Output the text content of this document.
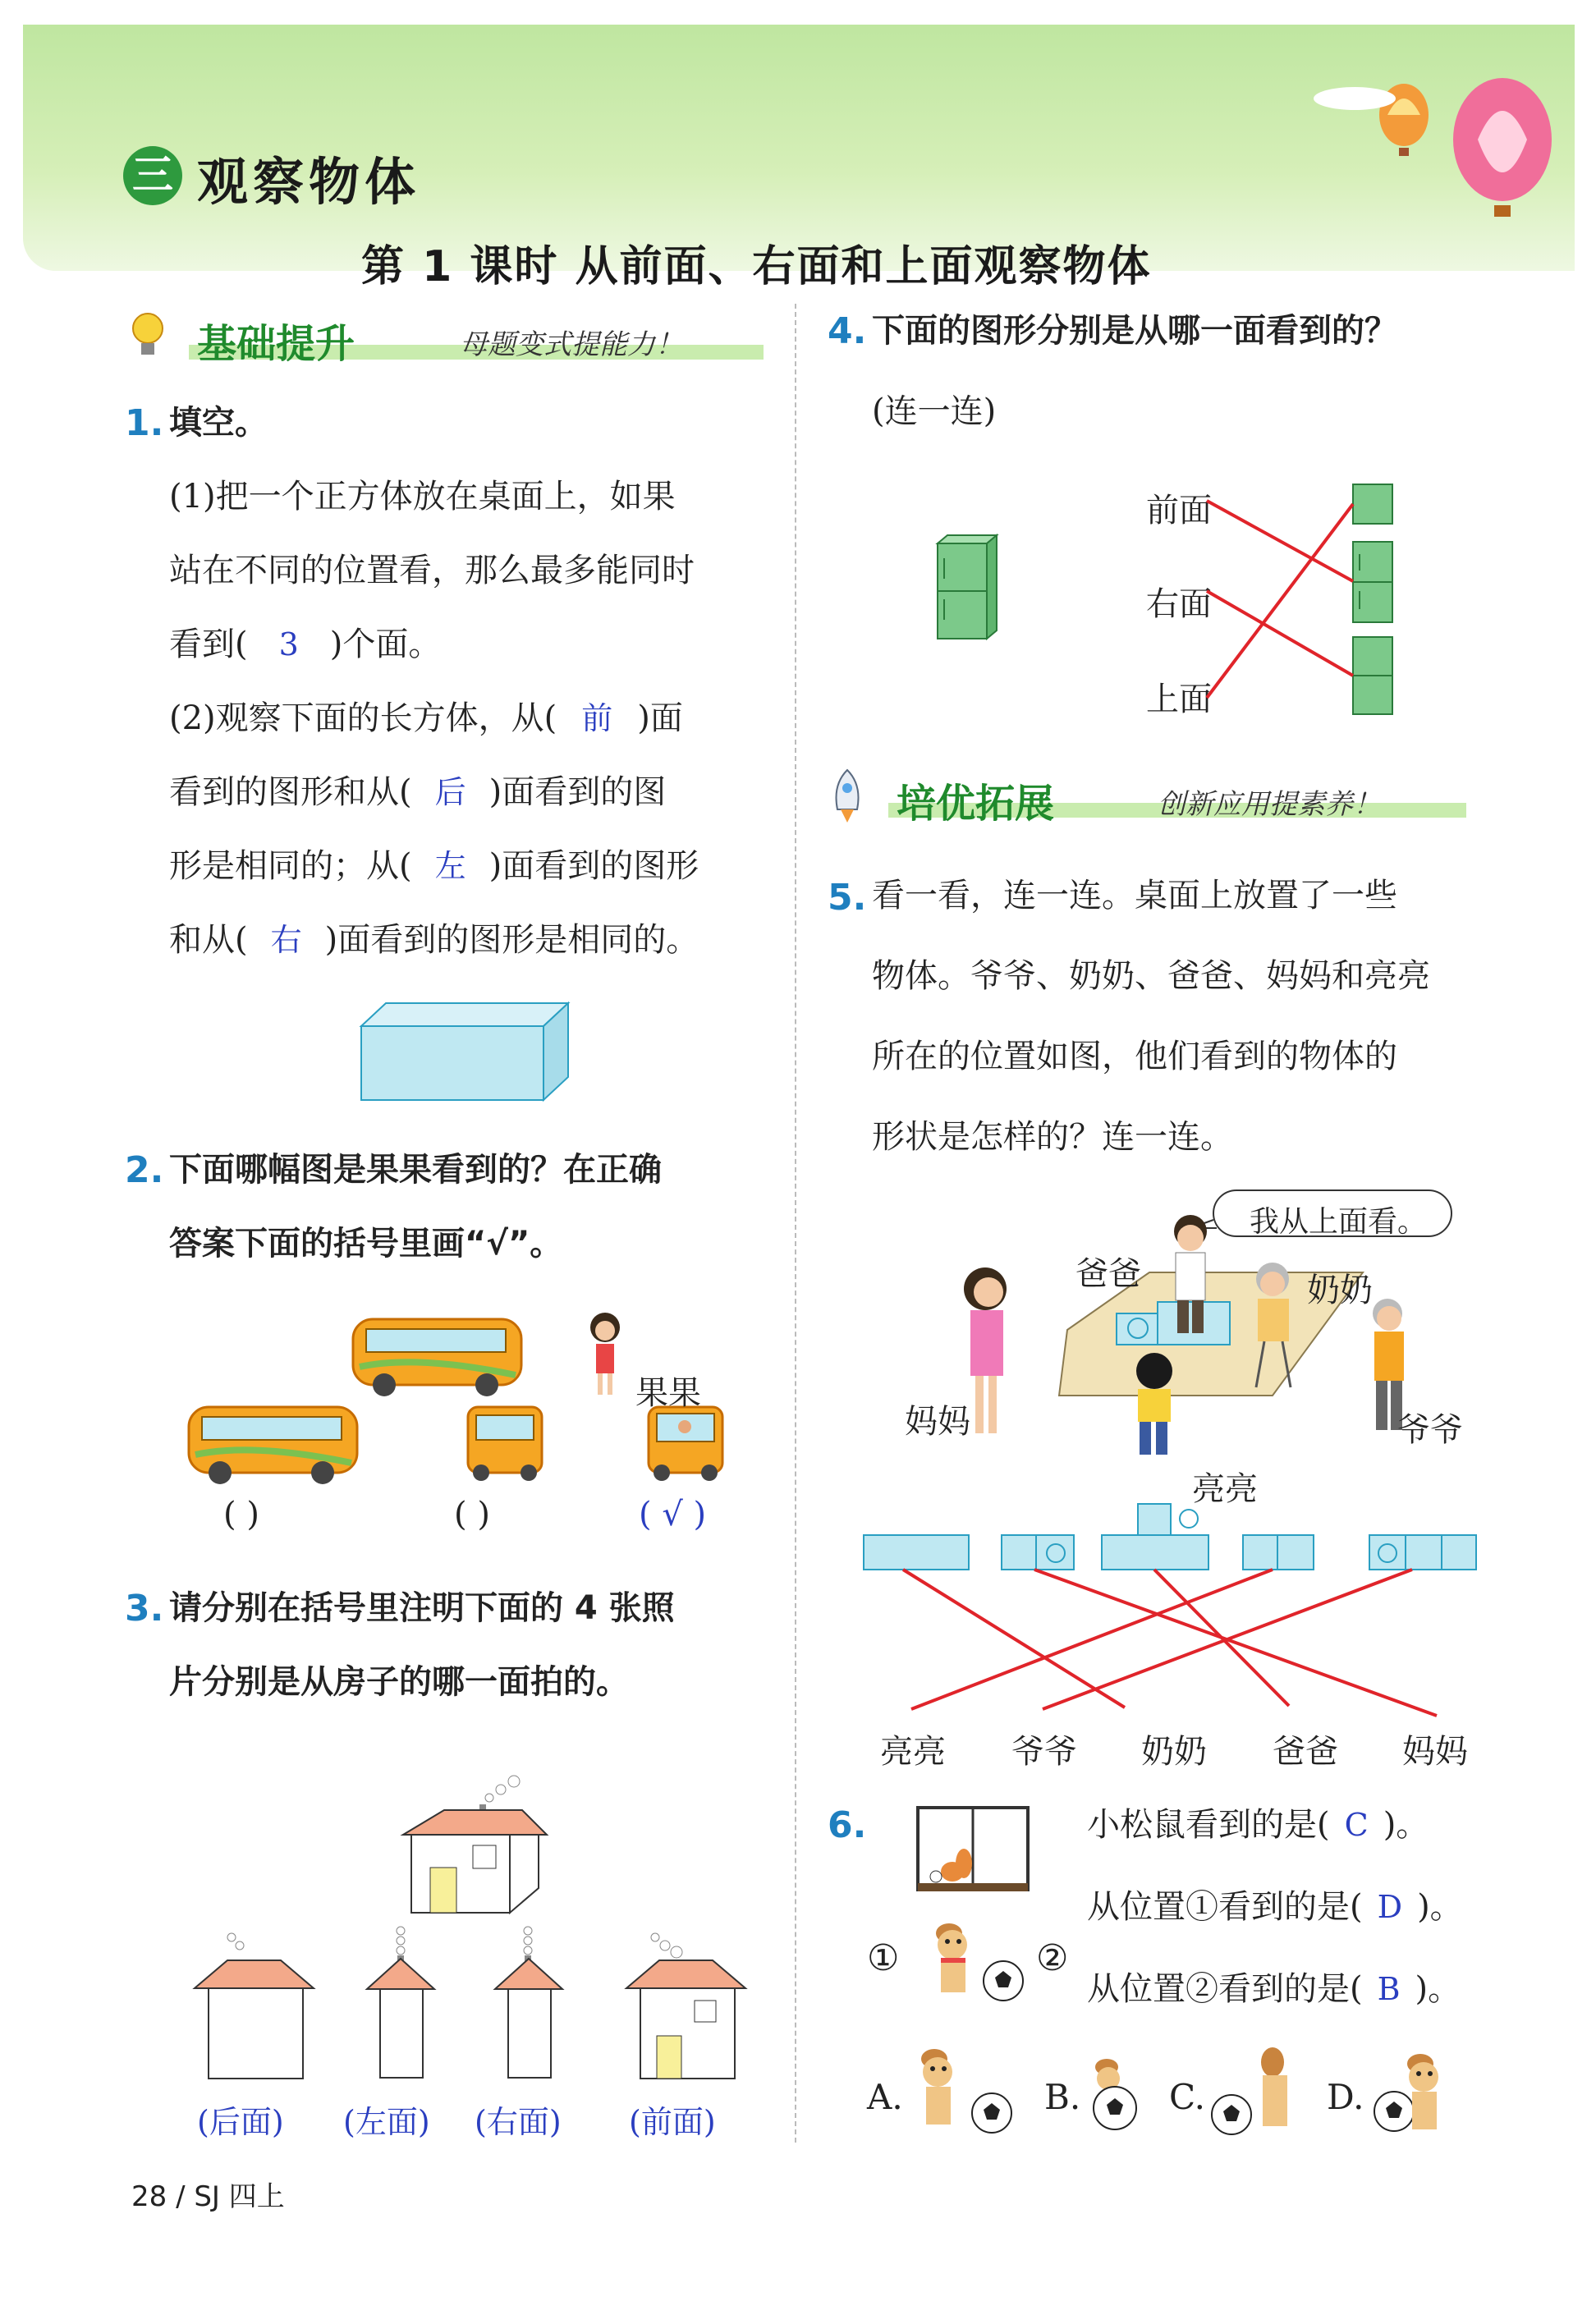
三 观察物体
第 1 课时 从前面、右面和上面观察物体
基础提升	母题变式提能力！
1. 填空。
(1)把一个正方体放在桌面上，如果
站在不同的位置看，那么最多能同时
看到( 3 )个面。
(2)观察下面的长方体，从( 前 )面
看到的图形和从( 后 )面看到的图
形是相同的；从( 左 )面看到的图形
和从( 右 )面看到的图形是相同的。
2. 下面哪幅图是果果看到的？在正确
答案下面的括号里画“√”。
果果
( )	( )	( √ )
3. 请分别在括号里注明下面的 4 张照
片分别是从房子的哪一面拍的。
(后面) (左面) (右面) (前面)
4. 下面的图形分别是从哪一面看到的？
(连一连)
前面
右面
上面
培优拓展	创新应用提素养！
5. 看一看，连一连。桌面上放置了一些
物体。爷爷、奶奶、爸爸、妈妈和亮亮
所在的位置如图，他们看到的物体的
形状是怎样的？连一连。
我从上面看。
爸爸	奶奶
妈妈	爷爷
亮亮
亮亮 爷爷 奶奶 爸爸 妈妈
6.	小松鼠看到的是( C )。
从位置①看到的是( D )。
从位置②看到的是( B )。
①	②
A.	B.	C.	D.
28 / SJ 四上
